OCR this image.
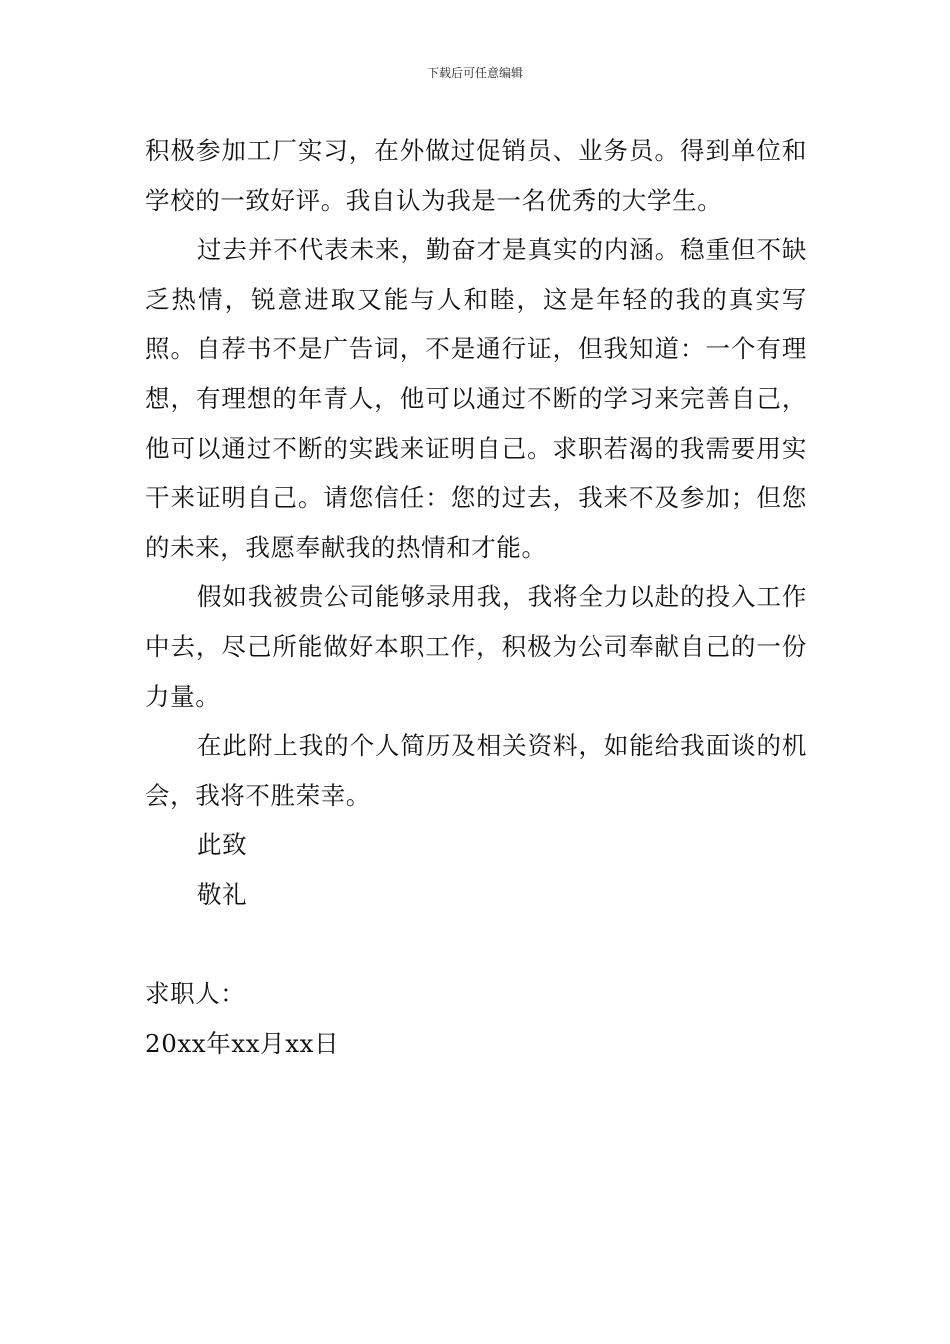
下载后可任意编辑

积极参加工厂实习，在外做过促销员、业务员。得到单位和学校的一致好评。我自认为我是一名优秀的大学生。

过去并不代表未来，勤奋才是真实的内涵。稳重但不缺乏热情，锐意进取又能与人和睦，这是年轻的我的真实写照。自荐书不是广告词，不是通行证，但我知道：一个有理想，有理想的年青人，他可以通过不断的学习来完善自己，他可以通过不断的实践来证明自己。求职若渴的我需要用实干来证明自己。请您信任：您的过去，我来不及参加；但您的未来，我愿奉献我的热情和才能。

假如我被贵公司能够录用我，我将全力以赴的投入工作中去，尽己所能做好本职工作，积极为公司奉献自己的一份力量。

在此附上我的个人简历及相关资料，如能给我面谈的机会，我将不胜荣幸。

此致

敬礼

求职人：

20xx年xx月xx日
